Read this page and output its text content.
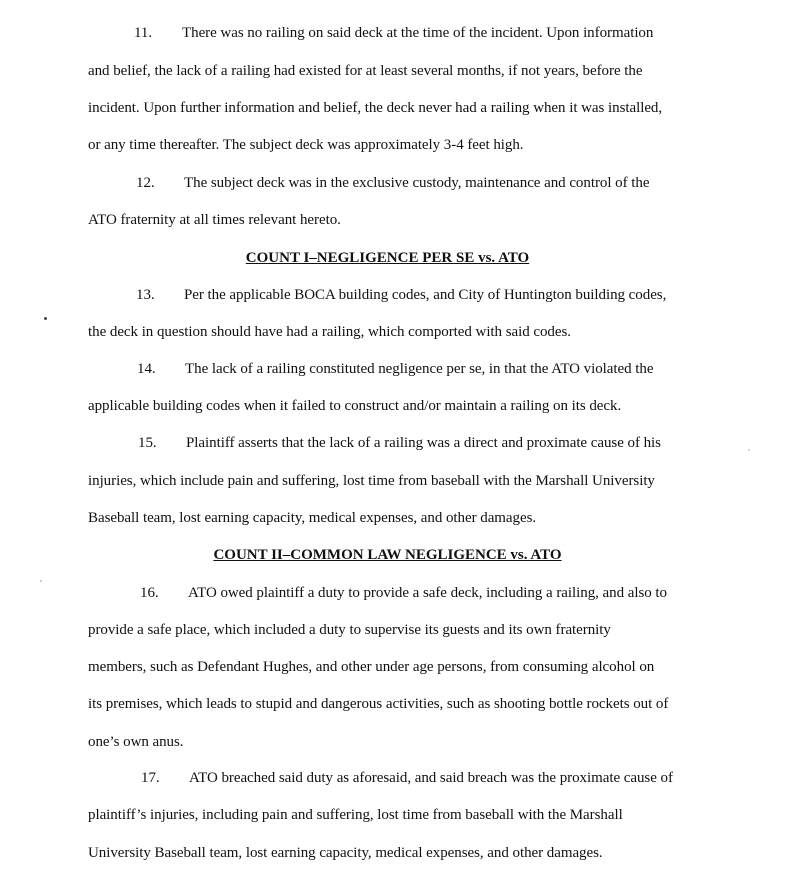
11. There was no railing on said deck at the time of the incident. Upon information
and belief, the lack of a railing had existed for at least several months, if not years, before the
incident. Upon further information and belief, the deck never had a railing when it was installed,
or any time thereafter. The subject deck was approximately 3-4 feet high.
12. The subject deck was in the exclusive custody, maintenance and control of the
ATO fraternity at all times relevant hereto.
COUNT I–NEGLIGENCE PER SE vs. ATO
13. Per the applicable BOCA building codes, and City of Huntington building codes,
the deck in question should have had a railing, which comported with said codes.
14. The lack of a railing constituted negligence per se, in that the ATO violated the
applicable building codes when it failed to construct and/or maintain a railing on its deck.
15. Plaintiff asserts that the lack of a railing was a direct and proximate cause of his
injuries, which include pain and suffering, lost time from baseball with the Marshall University
Baseball team, lost earning capacity, medical expenses, and other damages.
COUNT II–COMMON LAW NEGLIGENCE vs. ATO
16. ATO owed plaintiff a duty to provide a safe deck, including a railing, and also to
provide a safe place, which included a duty to supervise its guests and its own fraternity
members, such as Defendant Hughes, and other under age persons, from consuming alcohol on
its premises, which leads to stupid and dangerous activities, such as shooting bottle rockets out of
one’s own anus.
17. ATO breached said duty as aforesaid, and said breach was the proximate cause of
plaintiff’s injuries, including pain and suffering, lost time from baseball with the Marshall
University Baseball team, lost earning capacity, medical expenses, and other damages.
